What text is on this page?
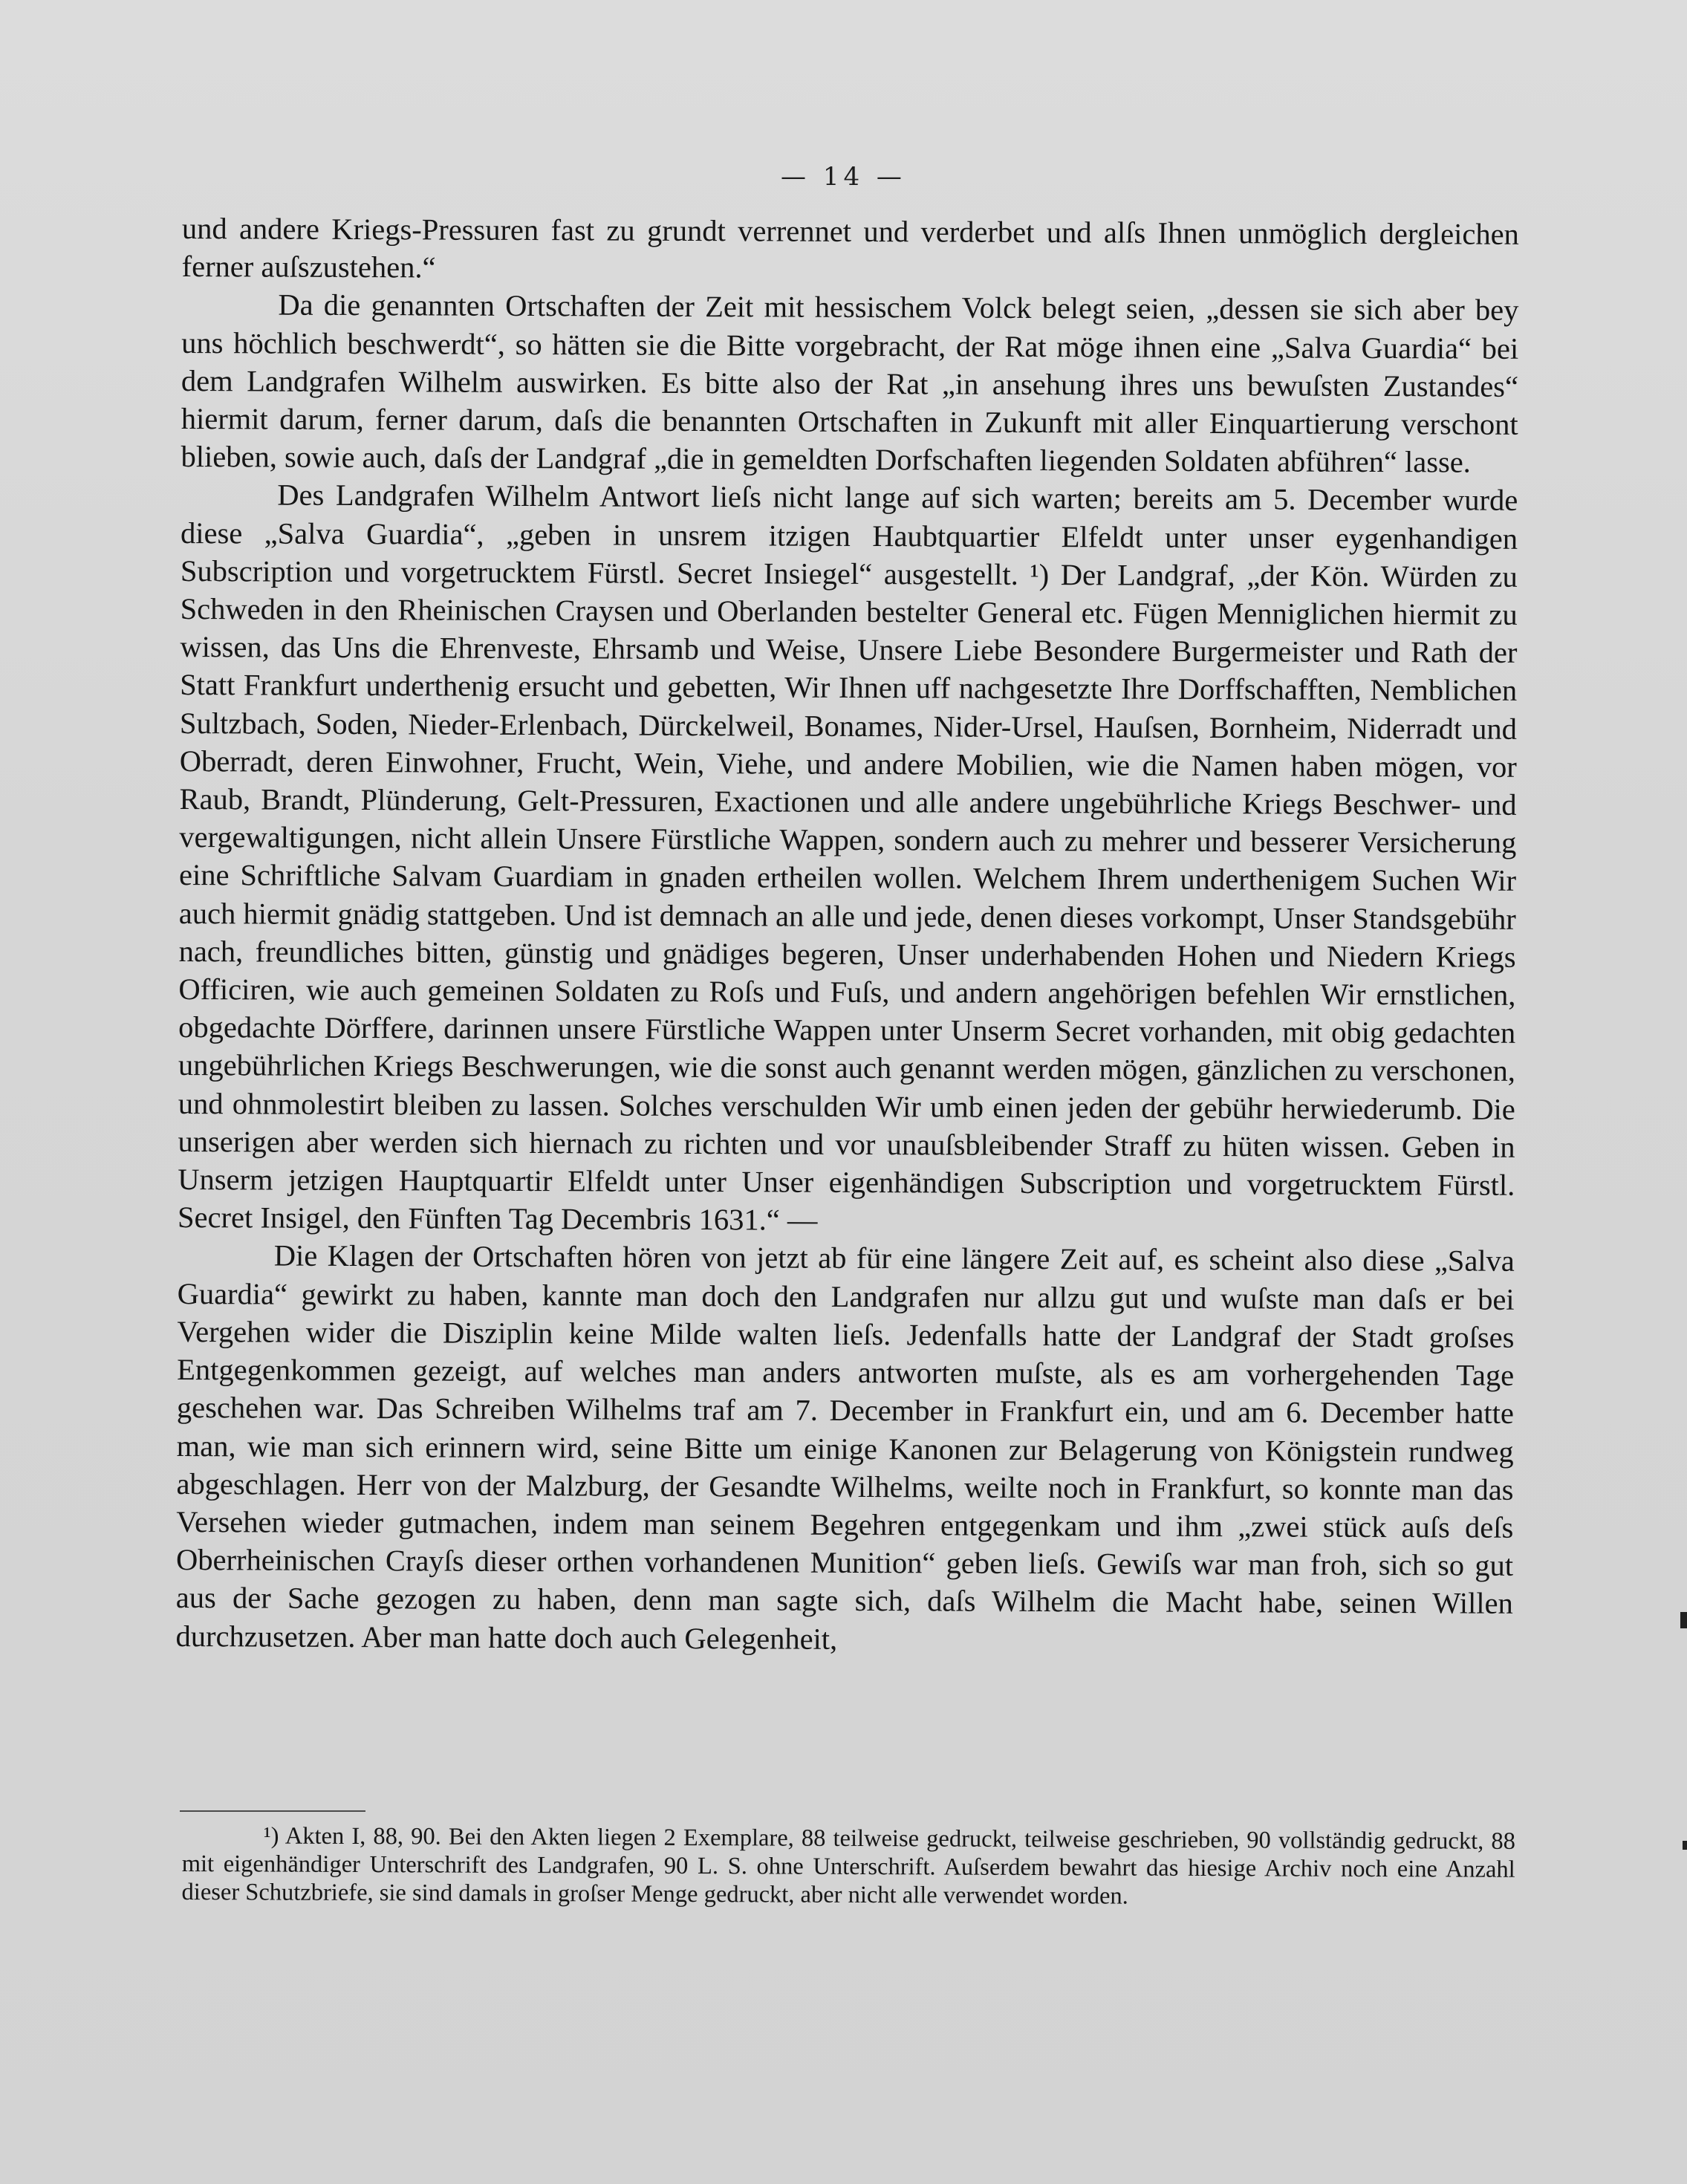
— 14 —

und andere Kriegs-Pressuren fast zu grundt verrennet und verderbet und alſs Ihnen unmöglich dergleichen ferner auſszustehen.“

Da die genannten Ortschaften der Zeit mit hessischem Volck belegt seien, „dessen sie sich aber bey uns höchlich beschwerdt“, so hätten sie die Bitte vorgebracht, der Rat möge ihnen eine „Salva Guardia“ bei dem Landgrafen Wilhelm auswirken. Es bitte also der Rat „in ansehung ihres uns bewuſsten Zustandes“ hiermit darum, ferner darum, daſs die benannten Ortschaften in Zukunft mit aller Einquartierung verschont blieben, sowie auch, daſs der Landgraf „die in gemeldten Dorfschaften liegenden Soldaten abführen“ lasse.

Des Landgrafen Wilhelm Antwort lieſs nicht lange auf sich warten; bereits am 5. December wurde diese „Salva Guardia“, „geben in unsrem itzigen Haubtquartier Elfeldt unter unser eygenhandigen Subscription und vorgetrucktem Fürstl. Secret Insiegel“ ausgestellt. ¹) Der Landgraf, „der Kön. Würden zu Schweden in den Rheinischen Craysen und Oberlanden bestelter General etc. Fügen Menniglichen hiermit zu wissen, das Uns die Ehrenveste, Ehrsamb und Weise, Unsere Liebe Besondere Burgermeister und Rath der Statt Frankfurt underthenig ersucht und gebetten, Wir Ihnen uff nachgesetzte Ihre Dorffschafften, Nemblichen Sultzbach, Soden, Nieder-Erlenbach, Dürckelweil, Bonames, Nider-Ursel, Hauſsen, Bornheim, Niderradt und Oberradt, deren Einwohner, Frucht, Wein, Viehe, und andere Mobilien, wie die Namen haben mögen, vor Raub, Brandt, Plünderung, Gelt-Pressuren, Exactionen und alle andere ungebührliche Kriegs Beschwer- und vergewaltigungen, nicht allein Unsere Fürstliche Wappen, sondern auch zu mehrer und besserer Versicherung eine Schriftliche Salvam Guardiam in gnaden ertheilen wollen. Welchem Ihrem underthenigem Suchen Wir auch hiermit gnädig stattgeben. Und ist demnach an alle und jede, denen dieses vorkompt, Unser Standsgebühr nach, freundliches bitten, günstig und gnädiges begeren, Unser underhabenden Hohen und Niedern Kriegs Officiren, wie auch gemeinen Soldaten zu Roſs und Fuſs, und andern angehörigen befehlen Wir ernstlichen, obgedachte Dörffere, darinnen unsere Fürstliche Wappen unter Unserm Secret vorhanden, mit obig gedachten ungebührlichen Kriegs Beschwerungen, wie die sonst auch genannt werden mögen, gänzlichen zu verschonen, und ohnmolestirt bleiben zu lassen. Solches verschulden Wir umb einen jeden der gebühr herwiederumb. Die unserigen aber werden sich hiernach zu richten und vor unauſsbleibender Straff zu hüten wissen. Geben in Unserm jetzigen Hauptquartir Elfeldt unter Unser eigenhändigen Subscription und vorgetrucktem Fürstl. Secret Insigel, den Fünften Tag Decembris 1631.“ —

Die Klagen der Ortschaften hören von jetzt ab für eine längere Zeit auf, es scheint also diese „Salva Guardia“ gewirkt zu haben, kannte man doch den Landgrafen nur allzu gut und wuſste man daſs er bei Vergehen wider die Disziplin keine Milde walten lieſs. Jedenfalls hatte der Landgraf der Stadt groſses Entgegenkommen gezeigt, auf welches man anders antworten muſste, als es am vorhergehenden Tage geschehen war. Das Schreiben Wilhelms traf am 7. December in Frankfurt ein, und am 6. December hatte man, wie man sich erinnern wird, seine Bitte um einige Kanonen zur Belagerung von Königstein rundweg abgeschlagen. Herr von der Malzburg, der Gesandte Wilhelms, weilte noch in Frankfurt, so konnte man das Versehen wieder gutmachen, indem man seinem Begehren entgegenkam und ihm „zwei stück auſs deſs Oberrheinischen Crayſs dieser orthen vorhandenen Munition“ geben lieſs. Gewiſs war man froh, sich so gut aus der Sache gezogen zu haben, denn man sagte sich, daſs Wilhelm die Macht habe, seinen Willen durchzusetzen. Aber man hatte doch auch Gelegenheit,

¹) Akten I, 88, 90. Bei den Akten liegen 2 Exemplare, 88 teilweise gedruckt, teilweise geschrieben, 90 vollständig gedruckt, 88 mit eigenhändiger Unterschrift des Landgrafen, 90 L. S. ohne Unterschrift. Auſserdem bewahrt das hiesige Archiv noch eine Anzahl dieser Schutzbriefe, sie sind damals in groſser Menge gedruckt, aber nicht alle verwendet worden.
